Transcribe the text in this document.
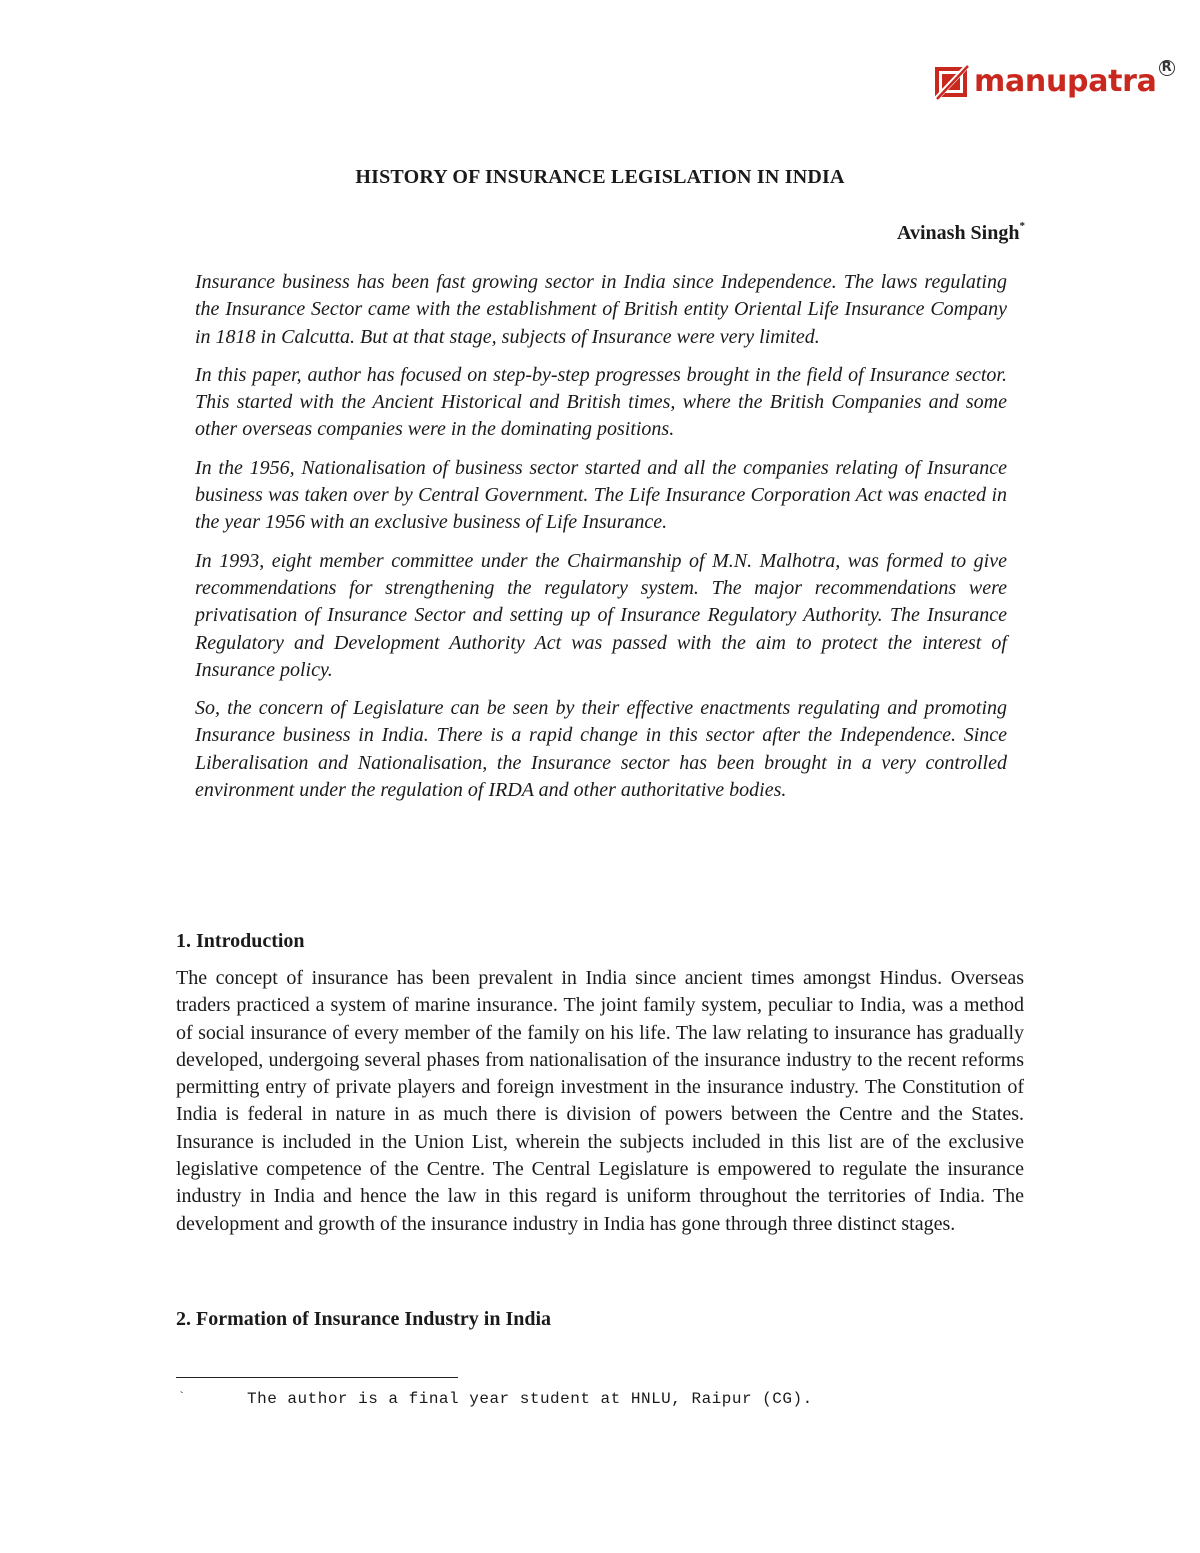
manupatra R
HISTORY OF INSURANCE LEGISLATION IN INDIA
Avinash Singh*

Insurance business has been fast growing sector in India since Independence. The laws regulating the Insurance Sector came with the establishment of British entity Oriental Life Insurance Company in 1818 in Calcutta. But at that stage, subjects of Insurance were very limited.

In this paper, author has focused on step-by-step progresses brought in the field of Insurance sector. This started with the Ancient Historical and British times, where the British Companies and some other overseas companies were in the dominating positions.

In the 1956, Nationalisation of business sector started and all the companies relating of Insurance business was taken over by Central Government. The Life Insurance Corporation Act was enacted in the year 1956 with an exclusive business of Life Insurance.

In 1993, eight member committee under the Chairmanship of M.N. Malhotra, was formed to give recommendations for strengthening the regulatory system. The major recommendations were privatisation of Insurance Sector and setting up of Insurance Regulatory Authority. The Insurance Regulatory and Development Authority Act was passed with the aim to protect the interest of Insurance policy.

So, the concern of Legislature can be seen by their effective enactments regulating and promoting Insurance business in India. There is a rapid change in this sector after the Independence. Since Liberalisation and Nationalisation, the Insurance sector has been brought in a very controlled environment under the regulation of IRDA and other authoritative bodies.

1. Introduction

The concept of insurance has been prevalent in India since ancient times amongst Hindus. Overseas traders practiced a system of marine insurance. The joint family system, peculiar to India, was a method of social insurance of every member of the family on his life. The law relating to insurance has gradually developed, undergoing several phases from nationalisation of the insurance industry to the recent reforms permitting entry of private players and foreign investment in the insurance industry. The Constitution of India is federal in nature in as much there is division of powers between the Centre and the States. Insurance is included in the Union List, wherein the subjects included in this list are of the exclusive legislative competence of the Centre. The Central Legislature is empowered to regulate the insurance industry in India and hence the law in this regard is uniform throughout the territories of India. The development and growth of the insurance industry in India has gone through three distinct stages.

2. Formation of Insurance Industry in India
`	The author is a final year student at HNLU, Raipur (CG).
